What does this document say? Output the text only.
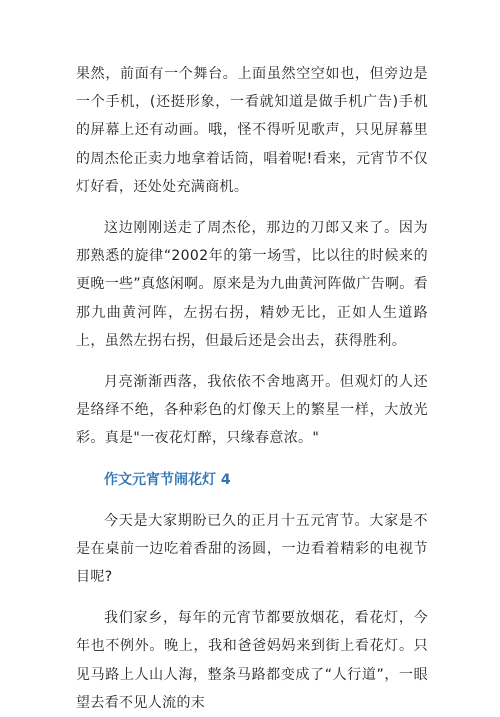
果然，前面有一个舞台。上面虽然空空如也，但旁边是一个手机，(还挺形象，一看就知道是做手机广告)手机的屏幕上还有动画。哦，怪不得听见歌声，只见屏幕里的周杰伦正卖力地拿着话筒，唱着呢!看来，元宵节不仅灯好看，还处处充满商机。

这边刚刚送走了周杰伦，那边的刀郎又来了。因为那熟悉的旋律“2002年的第一场雪，比以往的时候来的更晚一些”真悠闲啊。原来是为九曲黄河阵做广告啊。看那九曲黄河阵，左拐右拐，精妙无比，正如人生道路上，虽然左拐右拐，但最后还是会出去，获得胜利。

月亮渐渐西落，我依依不舍地离开。但观灯的人还是络绎不绝，各种彩色的灯像天上的繁星一样，大放光彩。真是"一夜花灯醉，只缘春意浓。"

作文元宵节闹花灯 4

今天是大家期盼已久的正月十五元宵节。大家是不是在桌前一边吃着香甜的汤圆，一边看着精彩的电视节目呢?

我们家乡，每年的元宵节都要放烟花，看花灯，今年也不例外。晚上，我和爸爸妈妈来到街上看花灯。只见马路上人山人海，整条马路都变成了“人行道”，一眼望去看不见人流的末
